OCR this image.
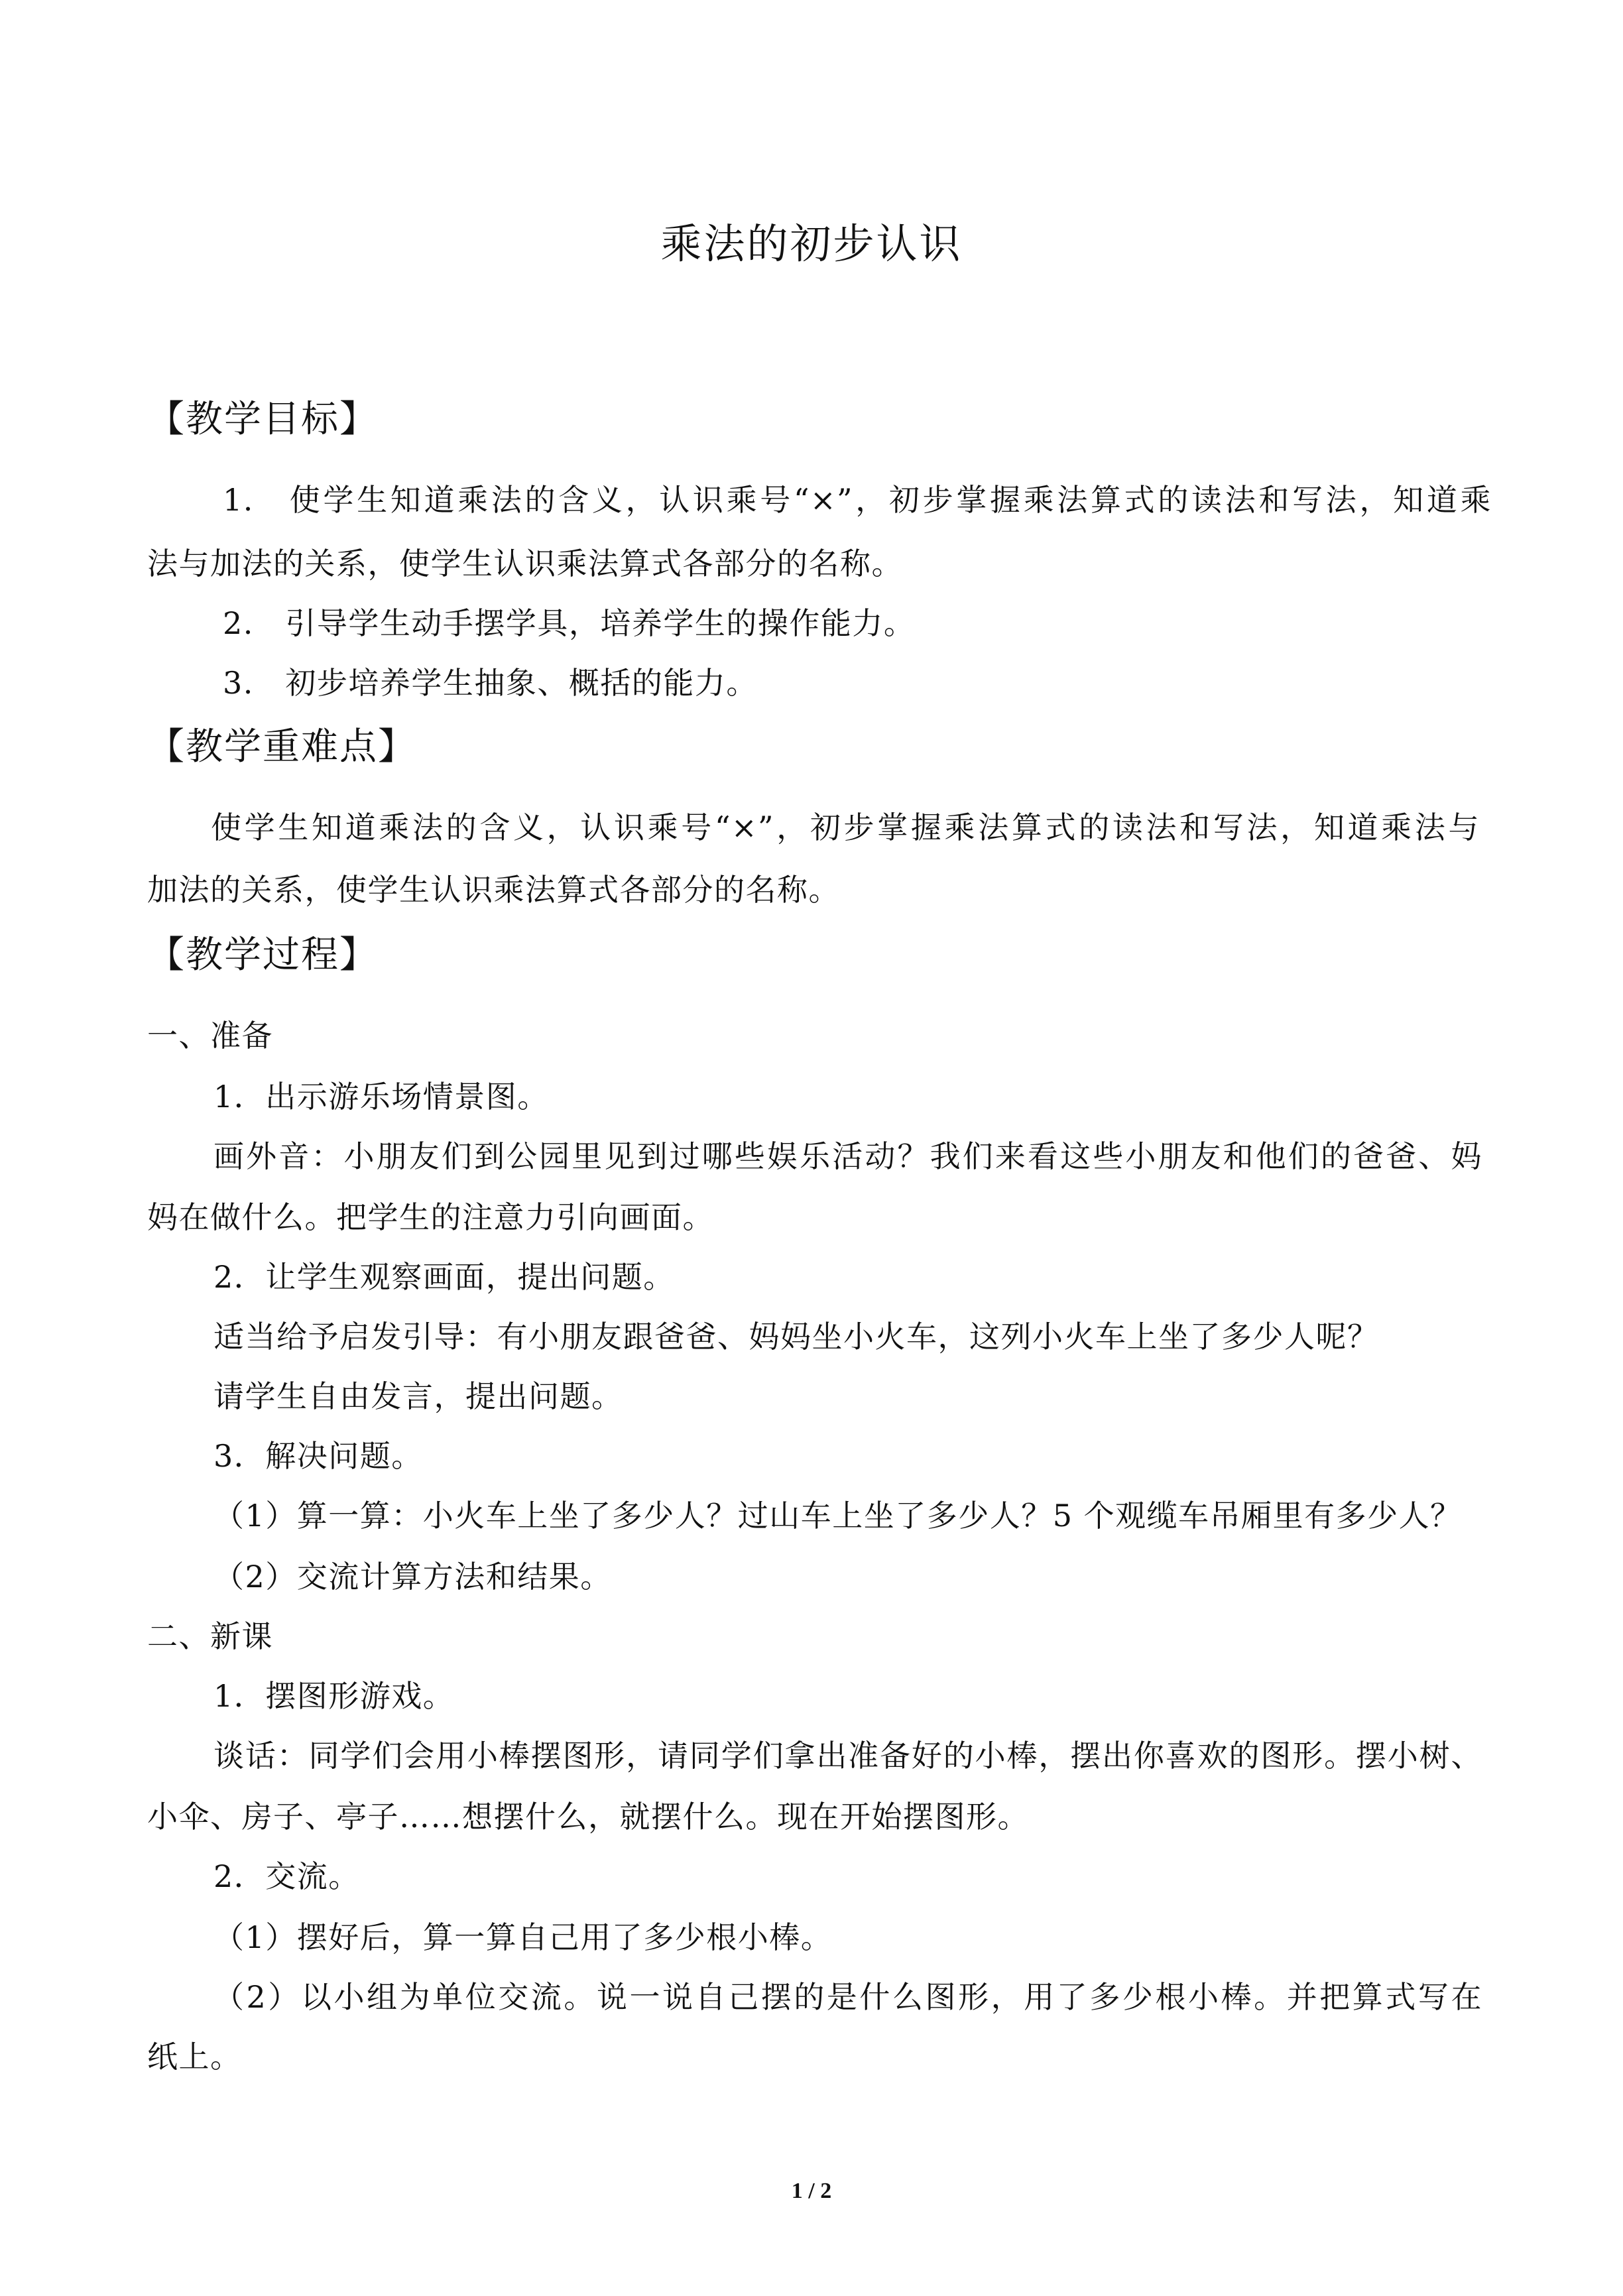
乘法的初步认识
【教学目标】

1.　使学生知道乘法的含义，认识乘号“×”，初步掌握乘法算式的读法和写法，知道乘

法与加法的关系，使学生认识乘法算式各部分的名称。

2.　引导学生动手摆学具，培养学生的操作能力。

3.　初步培养学生抽象、概括的能力。

【教学重难点】

使学生知道乘法的含义，认识乘号“×”，初步掌握乘法算式的读法和写法，知道乘法与

加法的关系，使学生认识乘法算式各部分的名称。

【教学过程】

一、准备

1．出示游乐场情景图。

画外音：小朋友们到公园里见到过哪些娱乐活动？我们来看这些小朋友和他们的爸爸、妈

妈在做什么。把学生的注意力引向画面。

2．让学生观察画面，提出问题。

适当给予启发引导：有小朋友跟爸爸、妈妈坐小火车，这列小火车上坐了多少人呢？

请学生自由发言，提出问题。

3．解决问题。

（1）算一算：小火车上坐了多少人？过山车上坐了多少人？5 个观缆车吊厢里有多少人？

（2）交流计算方法和结果。

二、新课

1．摆图形游戏。

谈话：同学们会用小棒摆图形，请同学们拿出准备好的小棒，摆出你喜欢的图形。摆小树、

小伞、房子、亭子……想摆什么，就摆什么。现在开始摆图形。

2．交流。

（1）摆好后，算一算自己用了多少根小棒。

（2）以小组为单位交流。说一说自己摆的是什么图形，用了多少根小棒。并把算式写在

纸上。

1 / 2
